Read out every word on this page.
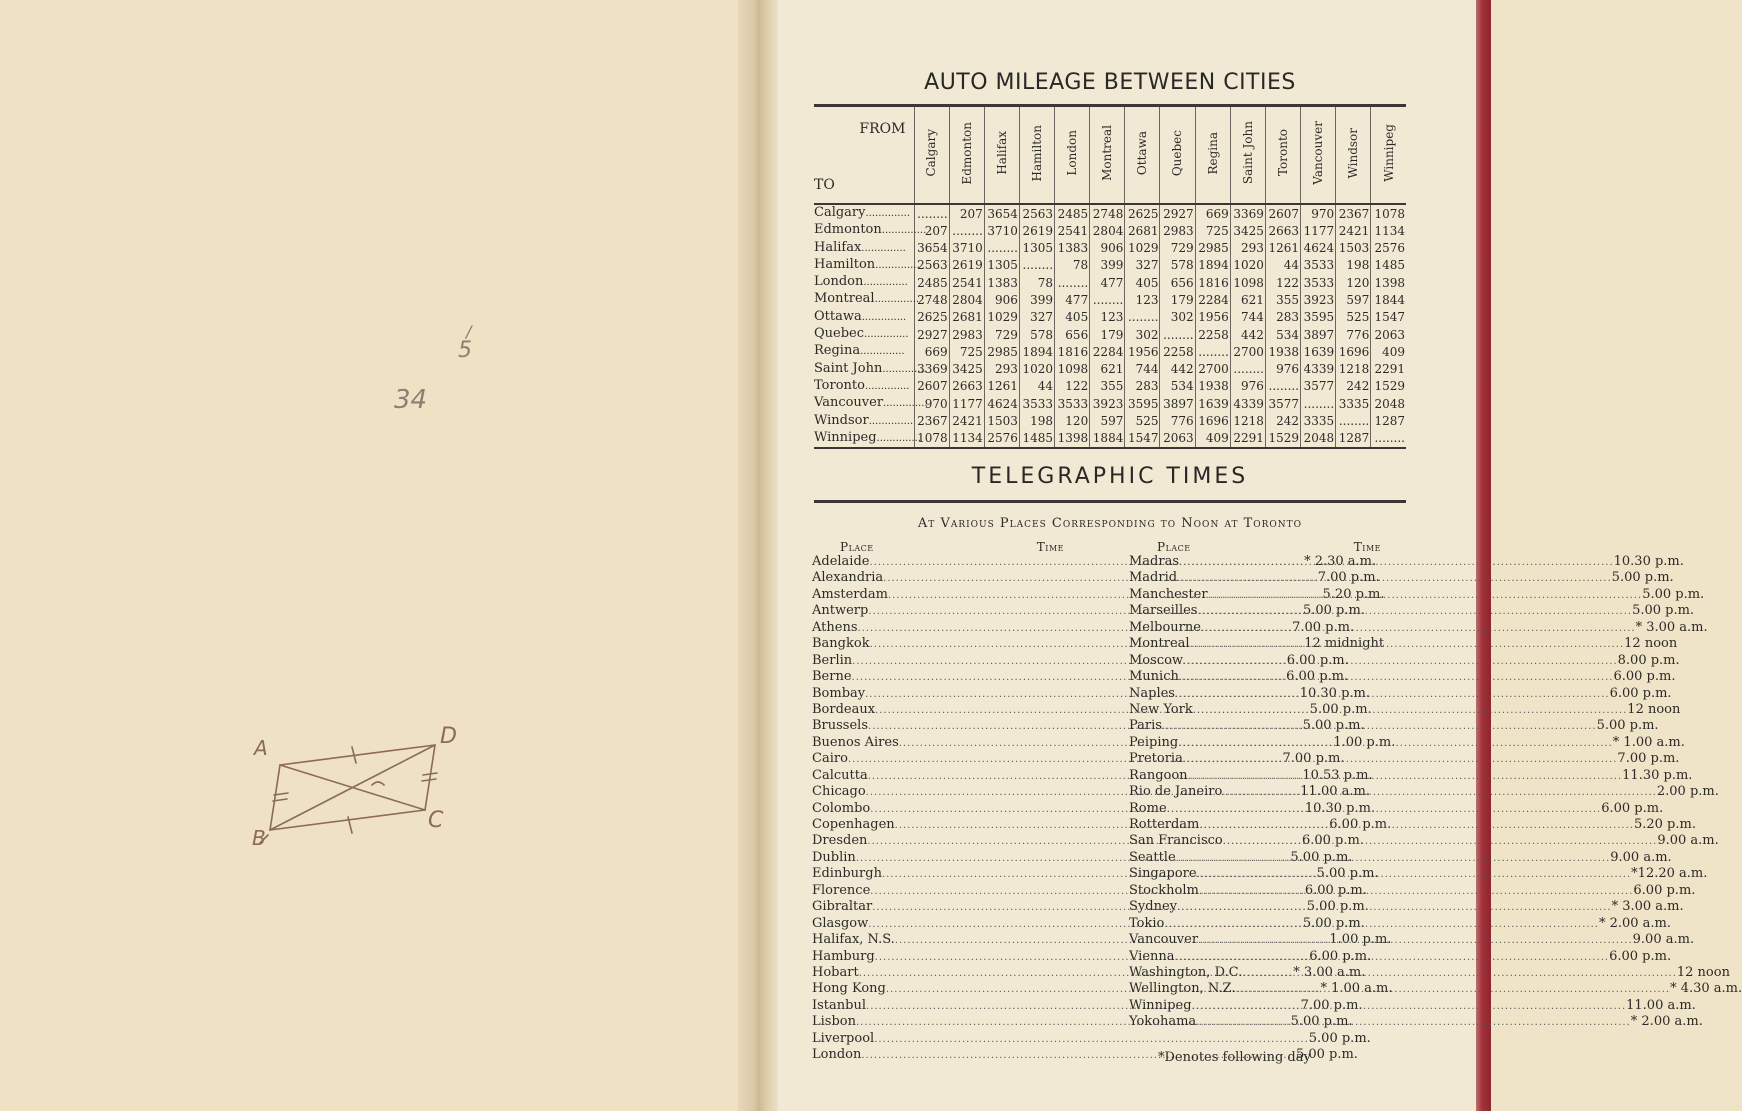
34
5
/
A	D
B
C
AUTO MILEAGE BETWEEN CITIES
FROM
TO	Calgary	Edmonton	Halifax	Hamilton	London	Montreal	Ottawa	Quebec	Regina	Saint John	Toronto	Vancouver	Windsor	Winnipeg
Calgary..............	........	207	3654	2563	2485	2748	2625	2927	669	3369	2607	970	2367	1078
Edmonton..............	207	........	3710	2619	2541	2804	2681	2983	725	3425	2663	1177	2421	1134
Halifax..............	3654	3710	........	1305	1383	906	1029	729	2985	293	1261	4624	1503	2576
Hamilton..............	2563	2619	1305	........	78	399	327	578	1894	1020	44	3533	198	1485
London..............	2485	2541	1383	78	........	477	405	656	1816	1098	122	3533	120	1398
Montreal..............	2748	2804	906	399	477	........	123	179	2284	621	355	3923	597	1844
Ottawa..............	2625	2681	1029	327	405	123	........	302	1956	744	283	3595	525	1547
Quebec..............	2927	2983	729	578	656	179	302	........	2258	442	534	3897	776	2063
Regina..............	669	725	2985	1894	1816	2284	1956	2258	........	2700	1938	1639	1696	409
Saint John..............	3369	3425	293	1020	1098	621	744	442	2700	........	976	4339	1218	2291
Toronto..............	2607	2663	1261	44	122	355	283	534	1938	976	........	3577	242	1529
Vancouver..............	970	1177	4624	3533	3533	3923	3595	3897	1639	4339	3577	........	3335	2048
Windsor..............	2367	2421	1503	198	120	597	525	776	1696	1218	242	3335	........	1287
Winnipeg..............	1078	1134	2576	1485	1398	1884	1547	2063	409	2291	1529	2048	1287	........
TELEGRAPHIC TIMES
At Various Places Corresponding to Noon at Toronto
Place	Time
Adelaide .....	* 2.30 a.m.
Alexandria .....	7.00 p.m.
Amsterdam .....	5.20 p.m.
Antwerp .....	5.00 p.m.
Athens .....	7.00 p.m.
Bangkok .....	12 midnight
Berlin .....	6.00 p.m.
Berne .....	6.00 p.m.
Bombay .....	10.30 p.m.
Bordeaux .....	5.00 p.m.
Brussels .....	5.00 p.m.
Buenos Aires .....	1.00 p.m.
Cairo .....	7.00 p.m.
Calcutta .....	10.53 p.m.
Chicago .....	11.00 a.m.
Colombo .....	10.30 p.m.
Copenhagen .....	6.00 p.m.
Dresden .....	6.00 p.m.
Dublin .....	5.00 p.m.
Edinburgh .....	5.00 p.m.
Florence .....	6.00 p.m.
Gibraltar .....	5.00 p.m.
Glasgow .....	5.00 p.m.
Halifax, N.S. .....	1.00 p.m.
Hamburg .....	6.00 p.m.
Hobart .....	* 3.00 a.m.
Hong Kong .....	* 1.00 a.m.
Istanbul .....	7.00 p.m.
Lisbon .....	5.00 p.m.
Liverpool .....	5.00 p.m.
London .....	5.00 p.m.
Place	Time
Madras .....	10.30 p.m.
Madrid .....	5.00 p.m.
Manchester .....	5.00 p.m.
Marseilles .....	5.00 p.m.
Melbourne .....	* 3.00 a.m.
Montreal .....	12 noon
Moscow .....	8.00 p.m.
Munich .....	6.00 p.m.
Naples .....	6.00 p.m.
New York .....	12 noon
Paris .....	5.00 p.m.
Peiping .....	* 1.00 a.m.
Pretoria .....	7.00 p.m.
Rangoon .....	11.30 p.m.
Rio de Janeiro .....	2.00 p.m.
Rome .....	6.00 p.m.
Rotterdam .....	5.20 p.m.
San Francisco .....	9.00 a.m.
Seattle .....	9.00 a.m.
Singapore .....	*12.20 a.m.
Stockholm .....	6.00 p.m.
Sydney .....	* 3.00 a.m.
Tokio .....	* 2.00 a.m.
Vancouver .....	9.00 a.m.
Vienna .....	6.00 p.m.
Washington, D.C. .....	12 noon
Wellington, N.Z. .....	* 4.30 a.m.
Winnipeg .....	11.00 a.m.
Yokohama .....	* 2.00 a.m.
*Denotes following day
